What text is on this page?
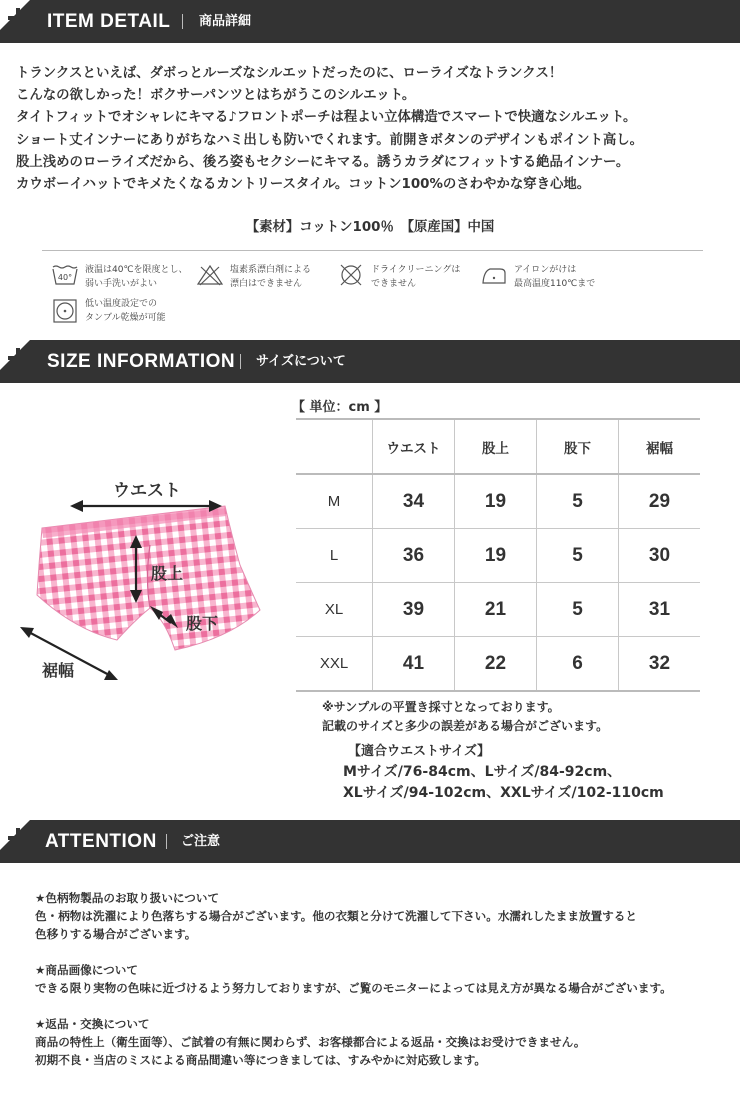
ITEM DETAIL 商品詳細
トランクスといえば、ダボっとルーズなシルエットだったのに、ローライズなトランクス！
こんなの欲しかった！ボクサーパンツとはちがうこのシルエット。
タイトフィットでオシャレにキマる♪フロントポーチは程よい立体構造でスマートで快適なシルエット。
ショート丈インナーにありがちなハミ出しも防いでくれます。前開きボタンのデザインもポイント高し。
股上浅めのローライズだから、後ろ姿もセクシーにキマる。誘うカラダにフィットする絶品インナー。
カウボーイハットでキメたくなるカントリースタイル。コットン100%のさわやかな穿き心地。
【素材】コットン100％　【原産国】中国
40°
液温は40℃を限度とし、
弱い手洗いがよい
塩素系漂白剤による
漂白はできません
ドライクリーニングは
できません
アイロンがけは
最高温度110℃まで
低い温度設定での
タンブル乾燥が可能
SIZE INFORMATION サイズについて
ウエスト
股上
股下
裾幅
【 単位：cm 】
	ウエスト	股上	股下	裾幅
M	34	19	5	29
L	36	19	5	30
XL	39	21	5	31
XXL	41	22	6	32
※サンプルの平置き採寸となっております。
記載のサイズと多少の誤差がある場合がございます。
【適合ウエストサイズ】
Mサイズ/76-84cm、Lサイズ/84-92cm、
XLサイズ/94-102cm、XXLサイズ/102-110cm
ATTENTION ご注意
★色柄物製品のお取り扱いについて
色・柄物は洗濯により色落ちする場合がございます。他の衣類と分けて洗濯して下さい。水濡れしたまま放置すると
色移りする場合がございます。
★商品画像について
できる限り実物の色味に近づけるよう努力しておりますが、ご覧のモニターによっては見え方が異なる場合がございます。
★返品・交換について
商品の特性上（衛生面等）、ご試着の有無に関わらず、お客様都合による返品・交換はお受けできません。
初期不良・当店のミスによる商品間違い等につきましては、すみやかに対応致します。
